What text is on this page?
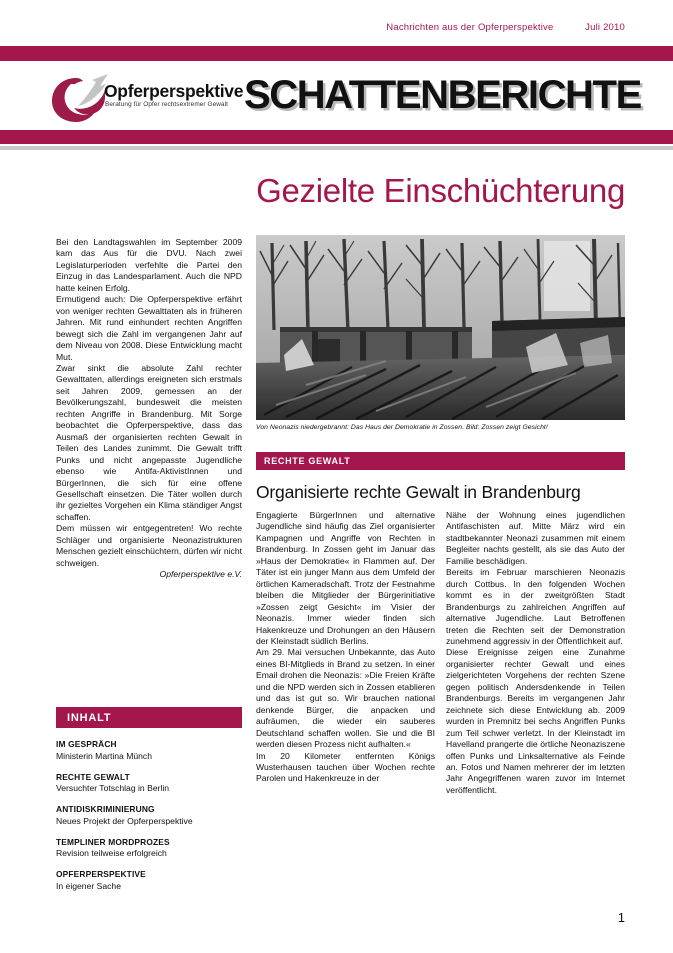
Nachrichten aus der Opferperspektive	Juli 2010
Opferperspektive
Beratung für Opfer rechtsextremer Gewalt SCHATTENBERICHTE
Gezielte Einschüchterung

Bei den Landtagswahlen im September 2009 kam das Aus für die DVU. Nach zwei Legislaturperioden verfehlte die Partei den Einzug in das Landesparlament. Auch die NPD hatte keinen Erfolg.

Ermutigend auch: Die Opferperspektive erfährt von weniger rechten Gewalttaten als in früheren Jahren. Mit rund einhundert rechten Angriffen bewegt sich die Zahl im vergangenen Jahr auf dem Niveau von 2008. Diese Entwicklung macht Mut.

Zwar sinkt die absolute Zahl rechter Gewalttaten, allerdings ereigneten sich erstmals seit Jahren 2009, gemessen an der Bevölkerungszahl, bundesweit die meisten rechten Angriffe in Brandenburg. Mit Sorge beobachtet die Opferperspektive, dass das Ausmaß der organisierten rechten Gewalt in Teilen des Landes zunimmt. Die Gewalt trifft Punks und nicht angepasste Jugendliche ebenso wie Antifa-AktivistInnen und BürgerInnen, die sich für eine offene Gesellschaft einsetzen. Die Täter wollen durch ihr gezieltes Vorgehen ein Klima ständiger Angst schaffen.

Dem müssen wir entgegentreten! Wo rechte Schläger und organisierte Neonazistrukturen Menschen gezielt einschüchtern, dürfen wir nicht schweigen.

Opferperspektive e.V.

INHALT
IM GESPRÄCH
Ministerin Martina Münch
RECHTE GEWALT
Versuchter Totschlag in Berlin
ANTIDISKRIMINIERUNG
Neues Projekt der Opferperspektive
TEMPLINER MORDPROZES
Revision teilweise erfolgreich
OPFERPERSPEKTIVE
In eigener Sache
Von Neonazis niedergebrannt: Das Haus der Demokratie in Zossen. Bild: Zossen zeigt Gesicht!
RECHTE GEWALT
Organisierte rechte Gewalt in Brandenburg

Engagierte BürgerInnen und alternative Jugendliche sind häufig das Ziel organisierter Kampagnen und Angriffe von Rechten in Brandenburg. In Zossen geht im Januar das »Haus der Demokratie« in Flammen auf. Der Täter ist ein junger Mann aus dem Umfeld der örtlichen Kameradschaft. Trotz der Festnahme bleiben die Mitglieder der Bürgerinitiative »Zossen zeigt Gesicht« im Visier der Neonazis. Immer wieder finden sich Hakenkreuze und Drohungen an den Häusern der Kleinstadt südlich Berlins.

Am 29. Mai versuchen Unbekannte, das Auto eines BI-Mitglieds in Brand zu setzen. In einer Email drohen die Neonazis: »Die Freien Kräfte und die NPD werden sich in Zossen etablieren und das ist gut so. Wir brauchen national denkende Bürger, die anpacken und aufräumen, die wieder ein sauberes Deutschland schaffen wollen. Sie und die BI werden diesen Prozess nicht aufhalten.«

Im 20 Kilometer entfernten Königs Wusterhausen tauchen über Wochen rechte Parolen und Hakenkreuze in der

Nähe der Wohnung eines jugendlichen Antifaschisten auf. Mitte März wird ein stadtbekannter Neonazi zusammen mit einem Begleiter nachts gestellt, als sie das Auto der Familie beschädigen.

Bereits im Februar marschieren Neonazis durch Cottbus. In den folgenden Wochen kommt es in der zweitgrößten Stadt Brandenburgs zu zahlreichen Angriffen auf alternative Jugendliche. Laut Betroffenen treten die Rechten seit der Demonstration zunehmend aggressiv in der Öffentlichkeit auf.

Diese Ereignisse zeigen eine Zunahme organisierter rechter Gewalt und eines zielgerichteten Vorgehens der rechten Szene gegen politisch Andersdenkende in Teilen Brandenburgs. Bereits im vergangenen Jahr zeichnete sich diese Entwicklung ab. 2009 wurden in Premnitz bei sechs Angriffen Punks zum Teil schwer verletzt. In der Kleinstadt im Havelland prangerte die örtliche Neonaziszene offen Punks und Linksalternative als Feinde an. Fotos und Namen mehrerer der im letzten Jahr Angegriffenen waren zuvor im Internet veröffentlicht.

1
